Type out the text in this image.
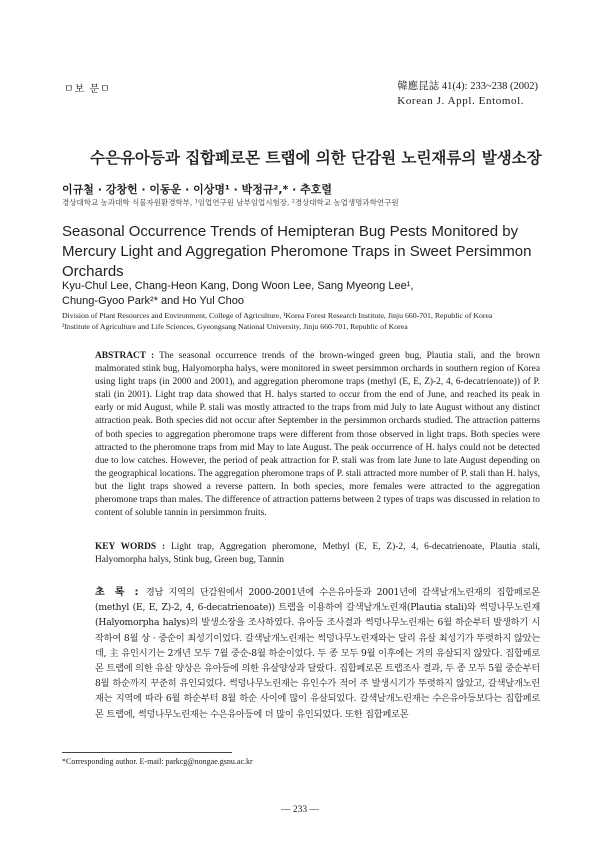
ㅁ보 문ㅁ	韓應昆誌 41(4): 233~238 (2002)
Korean J. Appl. Entomol.
수은유아등과 집합페로몬 트랩에 의한 단감원 노린재류의 발생소장
이규철 · 강창헌 · 이동운 · 이상명¹ · 박정규²,* · 추호렬
경상대학교 농과대학 식물자원환경학부, ¹임업연구원 남부임업시험장, ²경상대학교 농업생명과학연구원
Seasonal Occurrence Trends of Hemipteran Bug Pests Monitored by Mercury Light and Aggregation Pheromone Traps in Sweet Persimmon Orchards
Kyu-Chul Lee, Chang-Heon Kang, Dong Woon Lee, Sang Myeong Lee¹,
Chung-Gyoo Park²* and Ho Yul Choo
Division of Plant Resources and Environment, College of Agriculture, ¹Korea Forest Research Institute, Jinju 660-701, Republic of Korea
²Institute of Agriculture and Life Sciences, Gyeongsang National University, Jinju 660-701, Republic of Korea
ABSTRACT : The seasonal occurrence trends of the brown-winged green bug, Plautia stali, and the brown malmorated stink bug, Halyomorpha halys, were monitored in sweet persimmon orchards in southern region of Korea using light traps (in 2000 and 2001), and aggregation pheromone traps (methyl (E, E, Z)-2, 4, 6-decatrienoate)) of P. stali (in 2001). Light trap data showed that H. halys started to occur from the end of June, and reached its peak in early or mid August, while P. stali was mostly attracted to the traps from mid July to late August without any distinct attraction peak. Both species did not occur after September in the persimmon orchards studied. The attraction patterns of both species to aggregation pheromone traps were different from those observed in light traps. Both species were attracted to the pheromone traps from mid May to late August. The peak occurrence of H. halys could not be detected due to low catches. However, the period of peak attraction for P. stali was from late June to late August depending on the geographical locations. The aggregation pheromone traps of P. stali attracted more number of P. stali than H. halys, but the light traps showed a reverse pattern. In both species, more females were attracted to the aggregation pheromone traps than males. The difference of attraction patterns between 2 types of traps was discussed in relation to content of soluble tannin in persimmon fruits.
KEY WORDS : Light trap, Aggregation pheromone, Methyl (E, E, Z)-2, 4, 6-decatrienoate, Plautia stali, Halyomorpha halys, Stink bug, Green bug, Tannin
초 록 : 경남 지역의 단감원에서 2000-2001년에 수은유아등과 2001년에 갈색날개노린재의 집합페로몬(methyl (E, E, Z)-2, 4, 6-decatrienoate)) 트랩을 이용하여 갈색날개노린재(Plautia stali)와 썩덩나무노린재(Halyomorpha halys)의 발생소장을 조사하였다. 유아등 조사결과 썩덩나무노린재는 6월 하순부터 발생하기 시작하여 8월 상 · 중순이 최성기이었다. 갈색날개노린재는 썩덩나무노린재와는 달리 유살 최성기가 뚜렷하지 않았는데, 主 유인시기는 2개년 모두 7월 중순-8월 하순이었다. 두 종 모두 9월 이후에는 거의 유살되지 않았다. 집합페로몬 트랩에 의한 유살 양상은 유아등에 의한 유살양상과 달랐다. 집합페로몬 트랩조사 결과, 두 종 모두 5월 중순부터 8월 하순까지 꾸준히 유인되었다. 썩덩나무노린재는 유인수가 적어 주 발생시기가 뚜렷하지 않았고, 갈색날개노린재는 지역에 따라 6월 하순부터 8월 하순 사이에 많이 유살되었다. 갈색날개노린재는 수은유아등보다는 집합페로몬 트랩에, 썩덩나무노린재는 수은유아등에 더 많이 유인되었다. 또한 집합페로몬
*Corresponding author. E-mail: parkcg@nongae.gsnu.ac.kr
— 233 —
